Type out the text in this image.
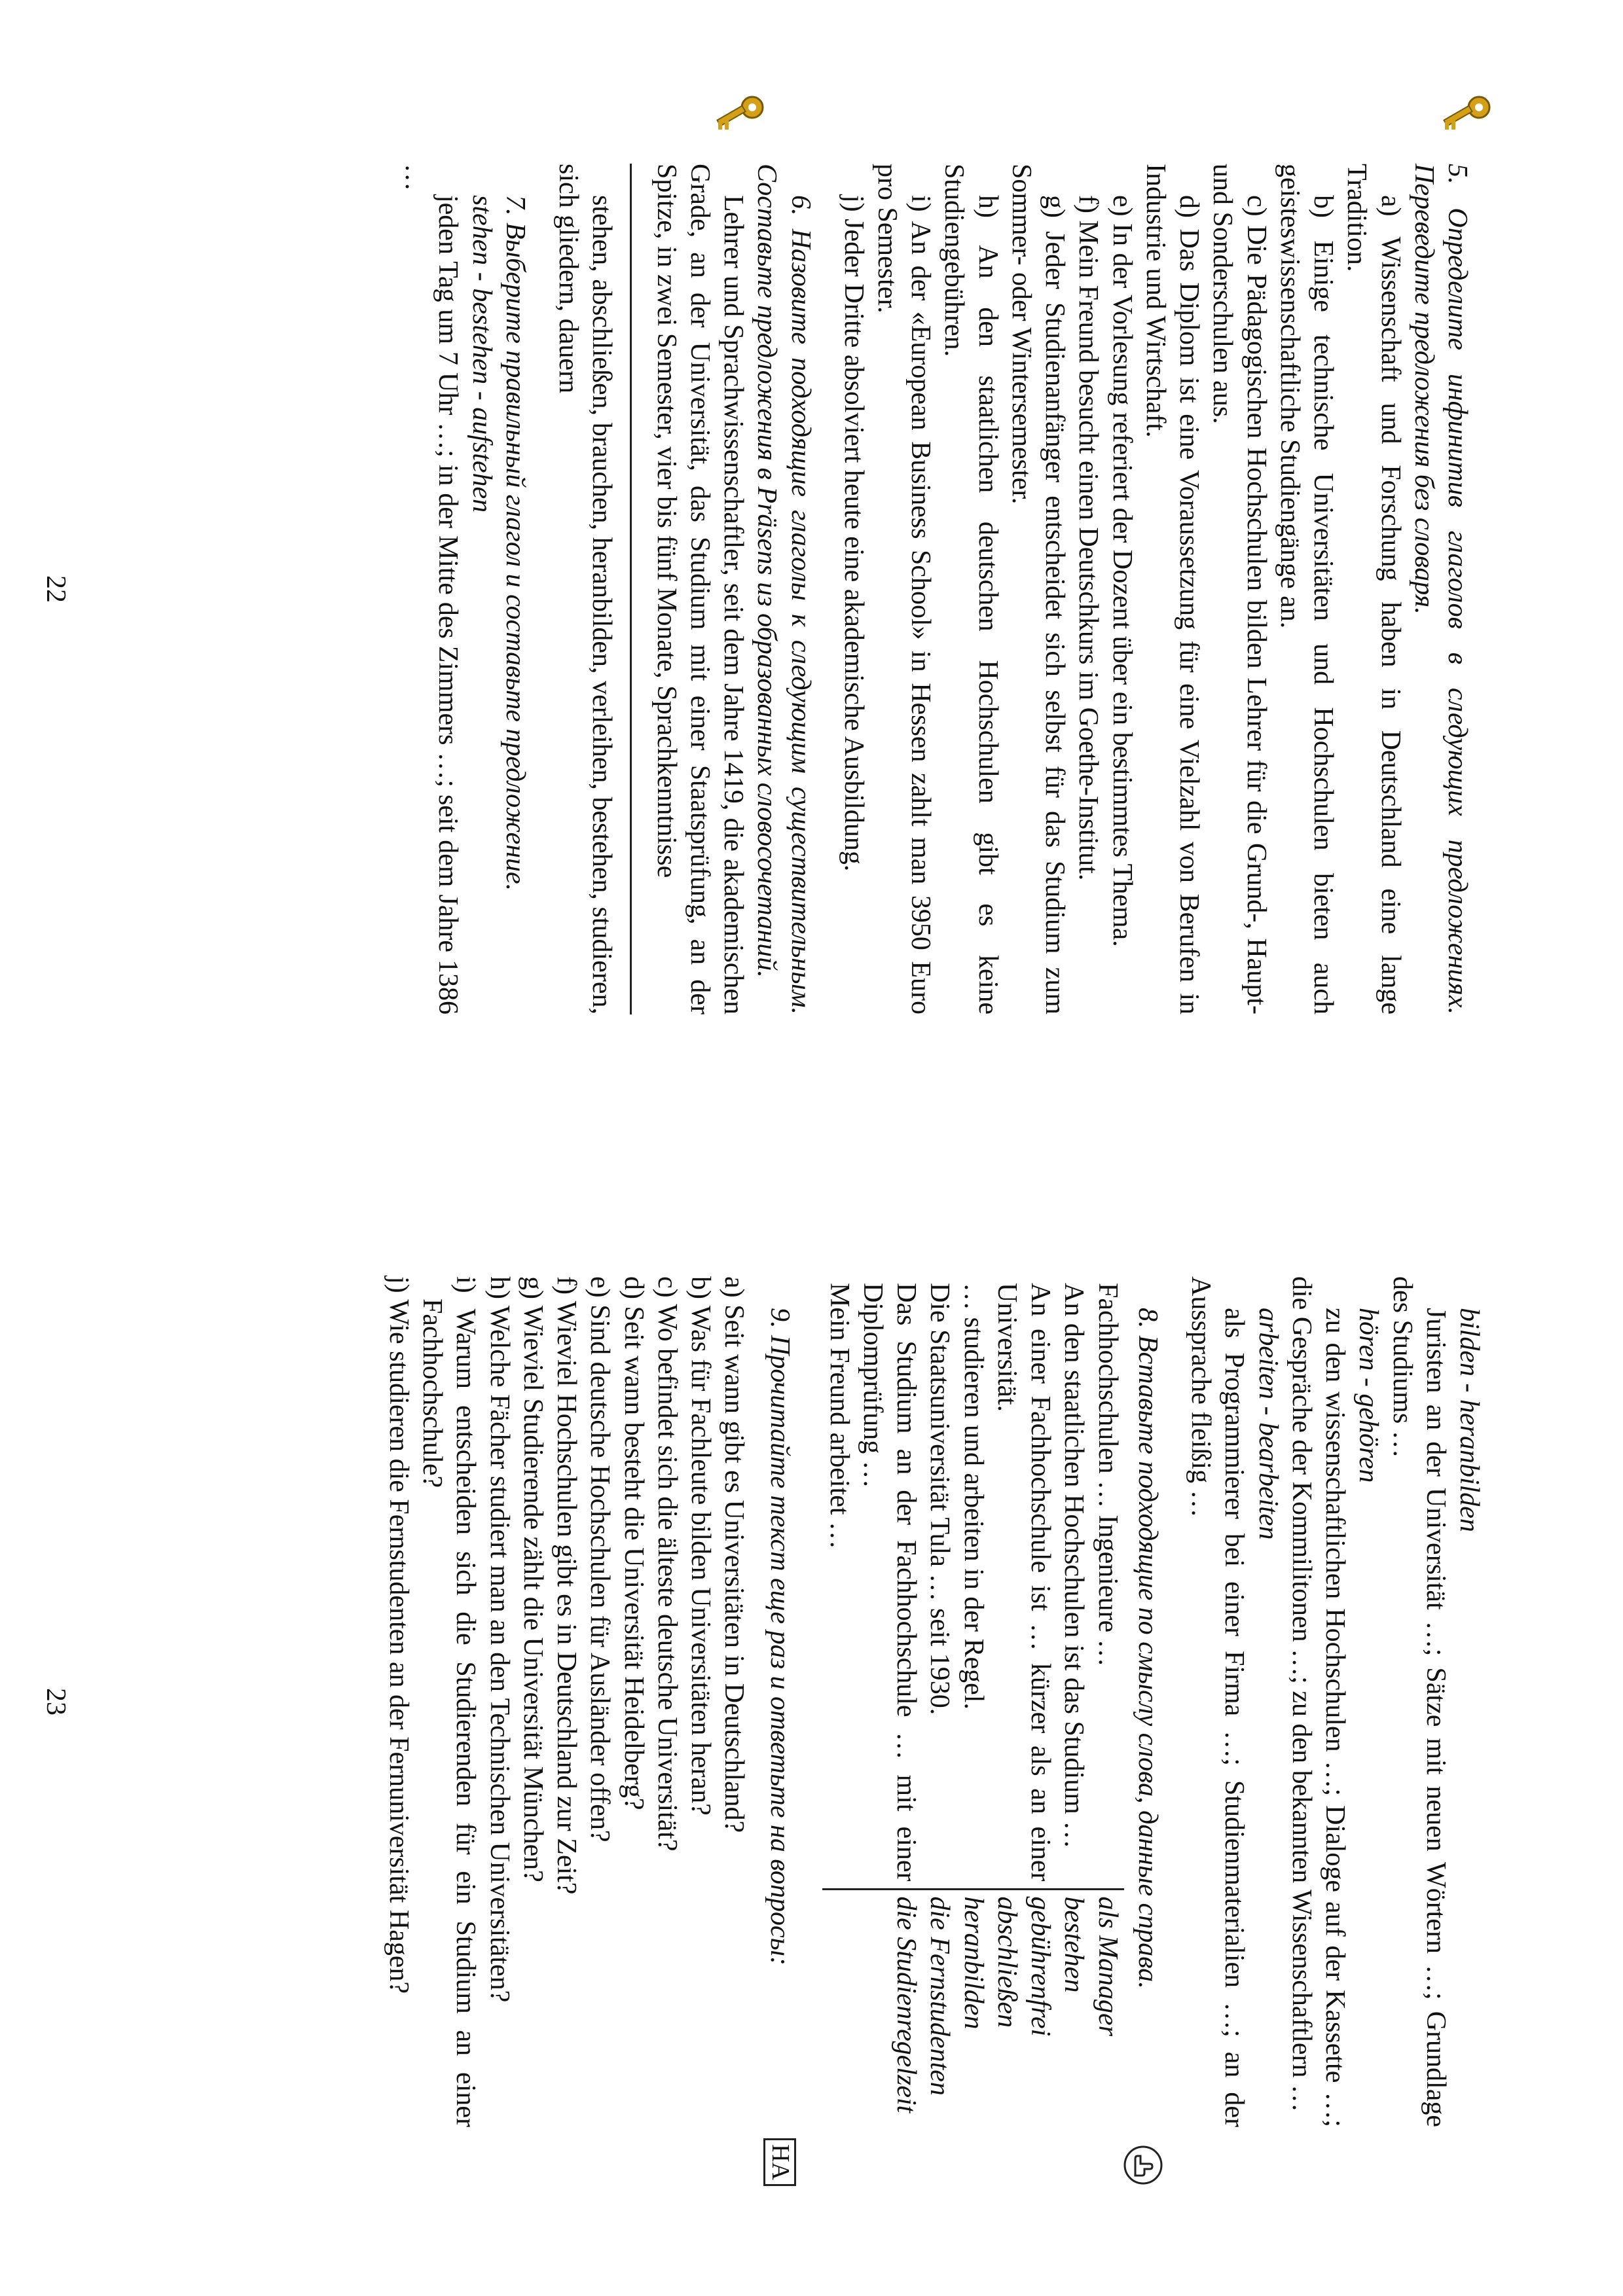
5. Определите инфинитив глаголов в следующих предложениях. Переведите предложения без словаря.

a) Wissenschaft und Forschung haben in Deutschland eine lange Tradition.

b) Einige technische Universitäten und Hochschulen bieten auch geisteswissenschaftliche Studiengänge an.

c) Die Pädagogischen Hochschulen bilden Lehrer für die Grund-, Haupt- und Sonderschulen aus.

d) Das Diplom ist eine Voraussetzung für eine Vielzahl von Berufen in Industrie und Wirtschaft.

e) In der Vorlesung referiert der Dozent über ein bestimmtes Thema.

f) Mein Freund besucht einen Deutschkurs im Goethe-Institut.

g) Jeder Studienanfänger entscheidet sich selbst für das Studium zum Sommer- oder Wintersemester.

h) An den staatlichen deutschen Hochschulen gibt es keine Studiengebühren.

i) An der «European Business School» in Hessen zahlt man 3950 Euro pro Semester.

j) Jeder Dritte absolviert heute eine akademische Ausbildung.

6. Назовите подходящие глаголы к следующим существительным. Составьте предложения в Präsens из образованных словосочетаний.

Lehrer und Sprachwissenschaftler, seit dem Jahre 1419, die akademischen Grade, an der Universität, das Studium mit einer Staatsprüfung, an der Spitze, in zwei Semester, vier bis fünf Monate, Sprachkenntnisse

stehen, abschließen, brauchen, heranbilden, verleihen, bestehen, studieren, sich gliedern, dauern

7. Выберите правильный глагол и составьте предложение.

stehen - bestehen - aufstehen

jeden Tag um 7 Uhr …; in der Mitte des Zimmers …; seit dem Jahre 1386 …

22

bilden - heranbilden

Juristen an der Universität …; Sätze mit neuen Wörtern …; Grundlage des Studiums …

hören - gehören

zu den wissenschaftlichen Hochschulen …; Dialoge auf der Kassette …; die Gespräche der Kommilitonen …; zu den bekannten Wissenschaftlern …

arbeiten - bearbeiten

als Programmierer bei einer Firma …; Studienmaterialien …; an der Aussprache fleißig …

8. Вставьте подходящие по смыслу слова, данные справа.

Fachhochschulen … Ingenieure …

An den staatlichen Hochschulen ist das Studium …

An einer Fachhochschule ist … kürzer als an einer Universität.

… studieren und arbeiten in der Regel.

Die Staatsuniversität Tula … seit 1930.

Das Studium an der Fachhochschule … mit einer Diplomprüfung …

Mein Freund arbeitet …

als Manager

bestehen

gebührenfrei

abschließen

heranbilden

die Fernstudenten

die Studienregelzeit

НА

9. Прочитайте текст еще раз и ответьте на вопросы:

a) Seit wann gibt es Universitäten in Deutschland?

b) Was für Fachleute bilden Universitäten heran?

c) Wo befindet sich die älteste deutsche Universität?

d) Seit wann besteht die Universität Heidelberg?

e) Sind deutsche Hochschulen für Ausländer offen?

f) Wieviel Hochschulen gibt es in Deutschland zur Zeit?

g) Wieviel Studierende zählt die Universität München?

h) Welche Fächer studiert man an den Technischen Universitäten?

i) Warum entscheiden sich die Studierenden für ein Studium an einer Fachhochschule?

j) Wie studieren die Fernstudenten an der Fernuniversität Hagen?

23
